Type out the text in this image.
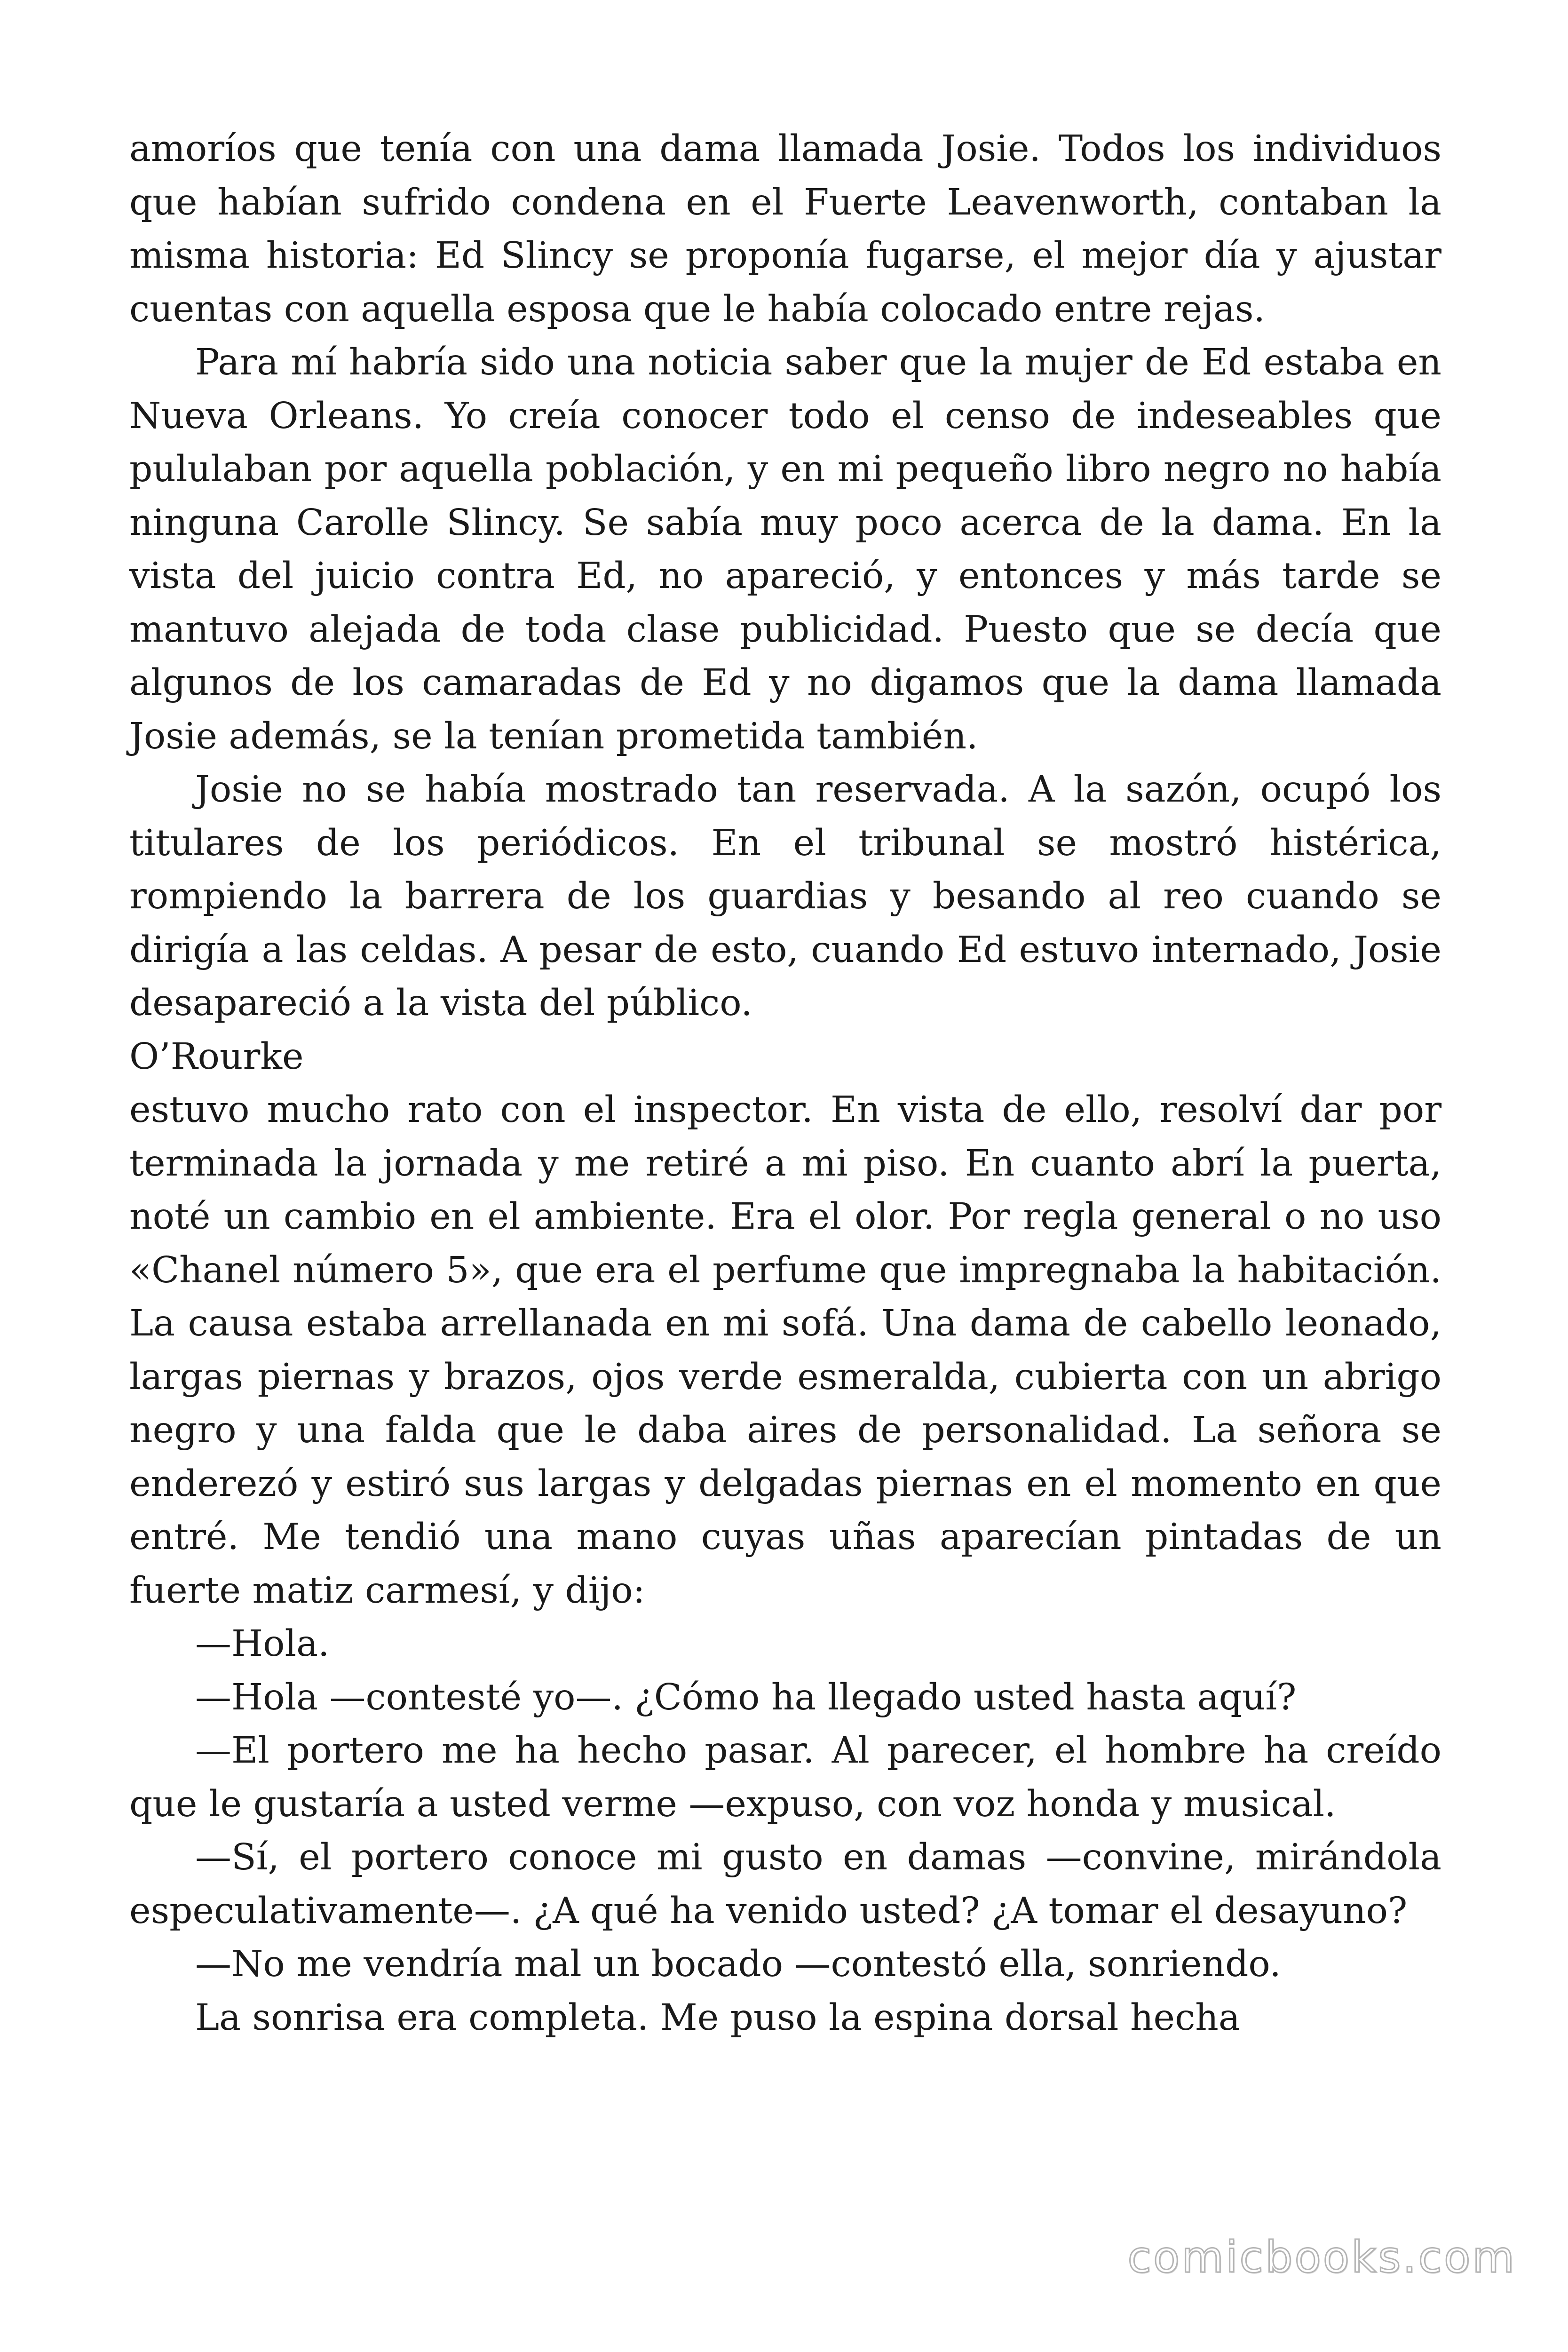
amoríos que tenía con una dama llamada Josie. Todos los individuos que habían sufrido condena en el Fuerte Leavenworth, contaban la misma historia: Ed Slincy se proponía fugarse, el mejor día y ajustar cuentas con aquella esposa que le había colocado entre rejas.

Para mí habría sido una noticia saber que la mujer de Ed estaba en Nueva Orleans. Yo creía conocer todo el censo de indeseables que pululaban por aquella población, y en mi pequeño libro negro no había ninguna Carolle Slincy. Se sabía muy poco acerca de la dama. En la vista del juicio contra Ed, no apareció, y entonces y más tarde se mantuvo alejada de toda clase publicidad. Puesto que se decía que algunos de los camaradas de Ed y no digamos que la dama llamada Josie además, se la tenían prometida también.

Josie no se había mostrado tan reservada. A la sazón, ocupó los titulares de los periódicos. En el tribunal se mostró histérica, rompiendo la barrera de los guardias y besando al reo cuando se dirigía a las celdas. A pesar de esto, cuando Ed estuvo internado, Josie desapareció a la vista del público.

O’Rourke

estuvo mucho rato con el inspector. En vista de ello, resolví dar por terminada la jornada y me retiré a mi piso. En cuanto abrí la puerta, noté un cambio en el ambiente. Era el olor. Por regla general o no uso «Chanel número 5», que era el perfume que impregnaba la habitación. La causa estaba arrellanada en mi sofá. Una dama de cabello leonado, largas piernas y brazos, ojos verde esmeralda, cubierta con un abrigo negro y una falda que le daba aires de personalidad. La señora se enderezó y estiró sus largas y delgadas piernas en el momento en que entré. Me tendió una mano cuyas uñas aparecían pintadas de un fuerte matiz carmesí, y dijo:

—Hola.

—Hola —contesté yo—. ¿Cómo ha llegado usted hasta aquí?

—El portero me ha hecho pasar. Al parecer, el hombre ha creído que le gustaría a usted verme —expuso, con voz honda y musical.

—Sí, el portero conoce mi gusto en damas —convine, mirándola especulativamente—. ¿A qué ha venido usted? ¿A tomar el desayuno?

—No me vendría mal un bocado —contestó ella, sonriendo.

La sonrisa era completa. Me puso la espina dorsal hecha

comicbooks.com
